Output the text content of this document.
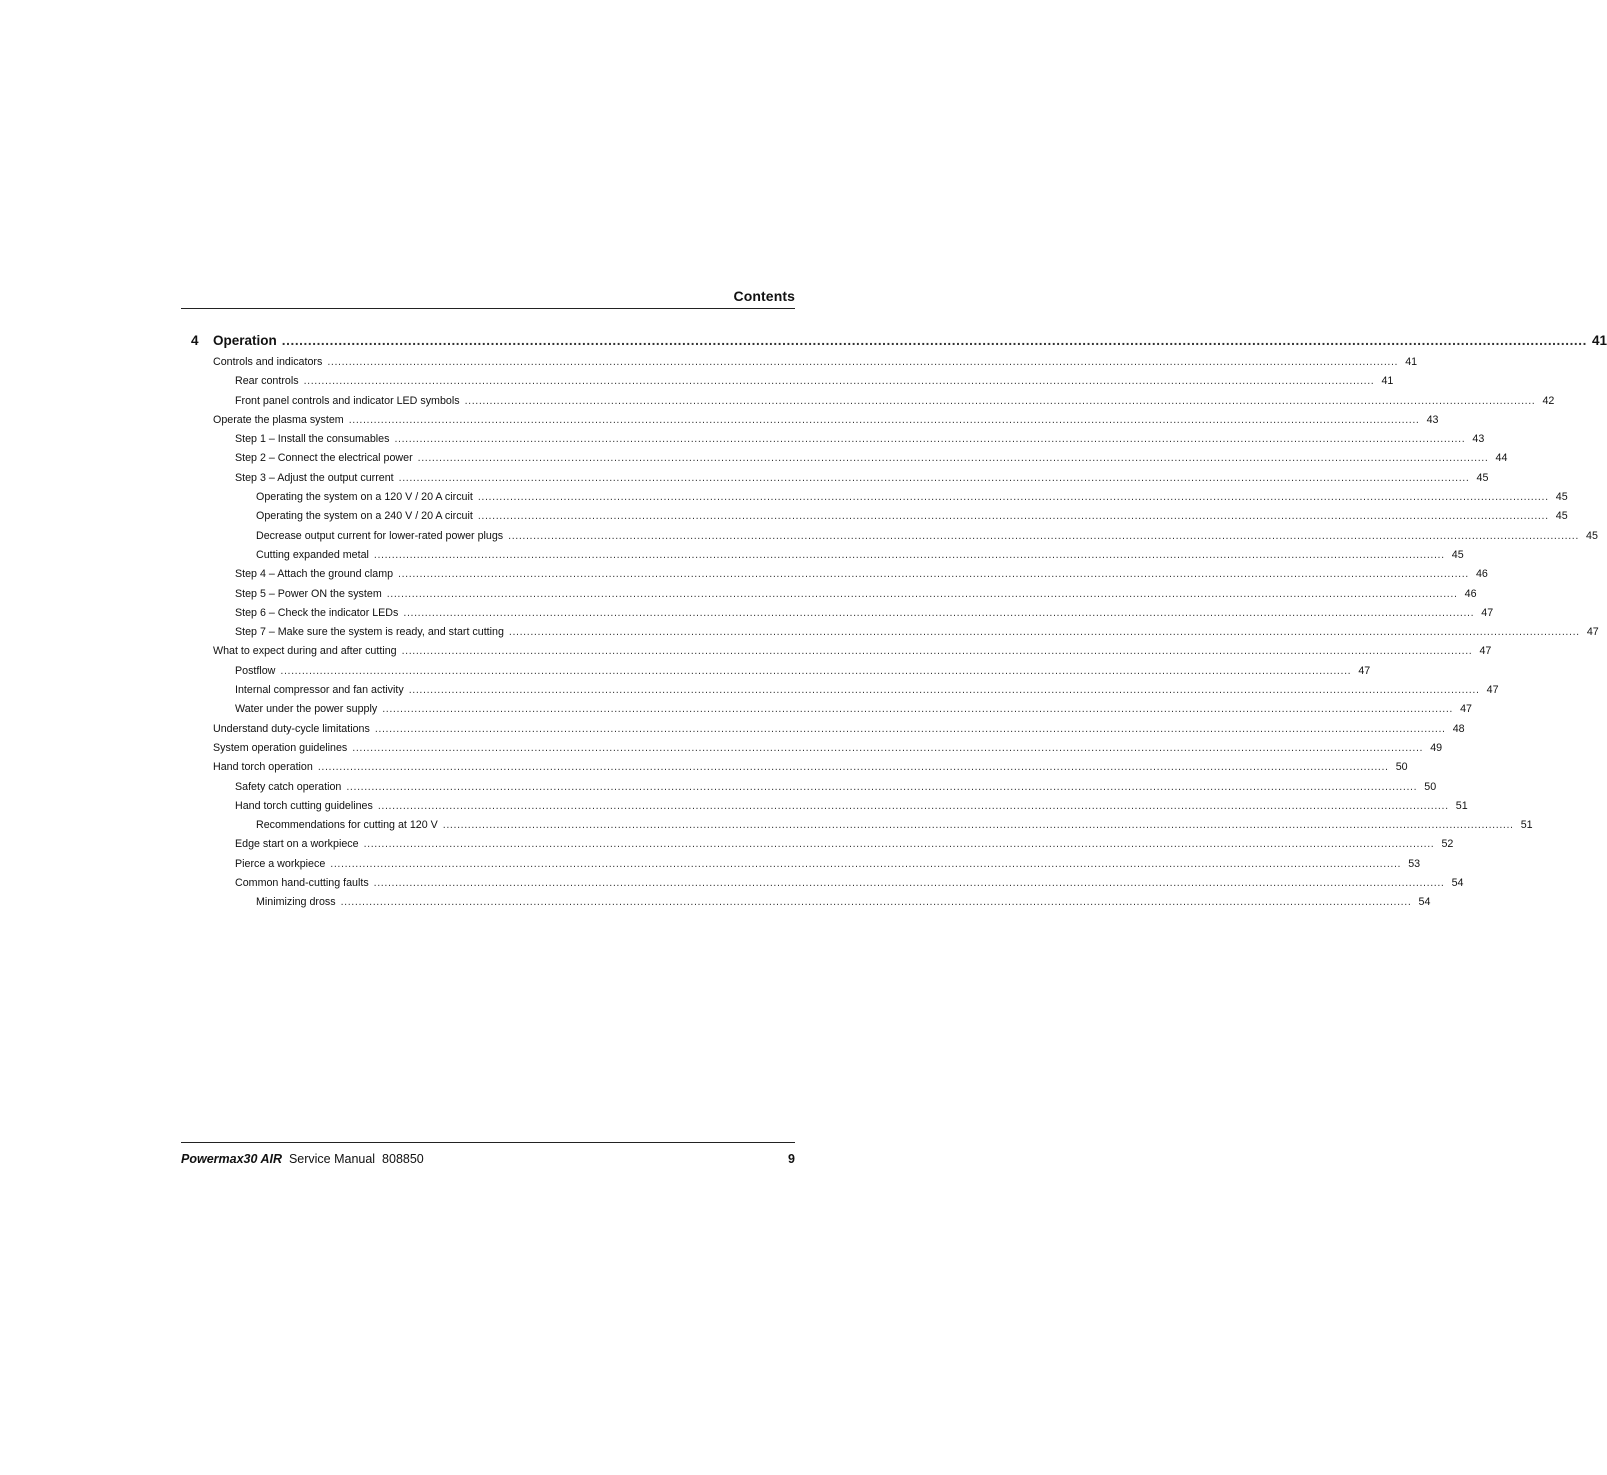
Contents
4 Operation ............................................................................................................................................................................................................................................................................................................ 41
Controls and indicators ............................................................................................................................................................................................................................................................................................................ 41
Rear controls ............................................................................................................................................................................................................................................................................................................ 41
Front panel controls and indicator LED symbols ............................................................................................................................................................................................................................................................................................................ 42
Operate the plasma system ............................................................................................................................................................................................................................................................................................................ 43
Step 1 – Install the consumables ............................................................................................................................................................................................................................................................................................................ 43
Step 2 – Connect the electrical power ............................................................................................................................................................................................................................................................................................................ 44
Step 3 – Adjust the output current ............................................................................................................................................................................................................................................................................................................ 45
Operating the system on a 120 V / 20 A circuit ............................................................................................................................................................................................................................................................................................................ 45
Operating the system on a 240 V / 20 A circuit ............................................................................................................................................................................................................................................................................................................ 45
Decrease output current for lower-rated power plugs ............................................................................................................................................................................................................................................................................................................ 45
Cutting expanded metal ............................................................................................................................................................................................................................................................................................................ 45
Step 4 – Attach the ground clamp ............................................................................................................................................................................................................................................................................................................ 46
Step 5 – Power ON the system ............................................................................................................................................................................................................................................................................................................ 46
Step 6 – Check the indicator LEDs ............................................................................................................................................................................................................................................................................................................ 47
Step 7 – Make sure the system is ready, and start cutting ............................................................................................................................................................................................................................................................................................................ 47
What to expect during and after cutting ............................................................................................................................................................................................................................................................................................................ 47
Postflow ............................................................................................................................................................................................................................................................................................................ 47
Internal compressor and fan activity ............................................................................................................................................................................................................................................................................................................ 47
Water under the power supply ............................................................................................................................................................................................................................................................................................................ 47
Understand duty-cycle limitations ............................................................................................................................................................................................................................................................................................................ 48
System operation guidelines ............................................................................................................................................................................................................................................................................................................ 49
Hand torch operation ............................................................................................................................................................................................................................................................................................................ 50
Safety catch operation ............................................................................................................................................................................................................................................................................................................ 50
Hand torch cutting guidelines ............................................................................................................................................................................................................................................................................................................ 51
Recommendations for cutting at 120 V ............................................................................................................................................................................................................................................................................................................ 51
Edge start on a workpiece ............................................................................................................................................................................................................................................................................................................ 52
Pierce a workpiece ............................................................................................................................................................................................................................................................................................................ 53
Common hand-cutting faults ............................................................................................................................................................................................................................................................................................................ 54
Minimizing dross ............................................................................................................................................................................................................................................................................................................ 54
Powermax30 AIR Service Manual  808850	9
